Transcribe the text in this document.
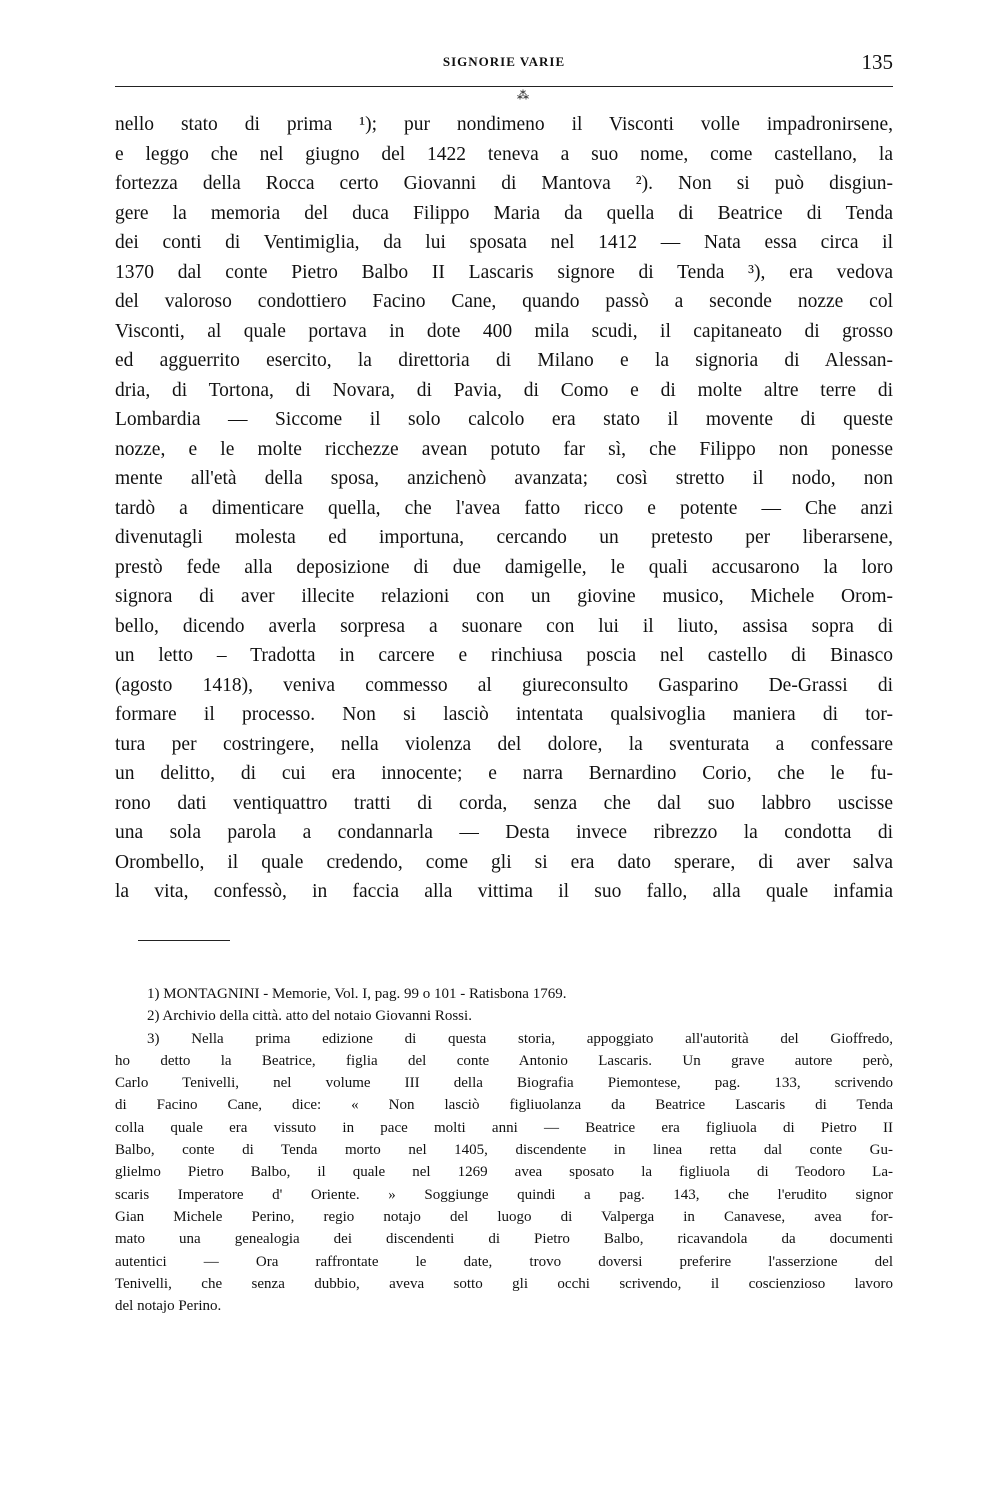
SIGNORIE VARIE	135
⁂
nello stato di prima ¹); pur nondimeno il Visconti volle impadronirsene,
e leggo che nel giugno del 1422 teneva a suo nome, come castellano, la
fortezza della Rocca certo Giovanni di Mantova ²). Non si può disgiun-
gere la memoria del duca Filippo Maria da quella di Beatrice di Tenda
dei conti di Ventimiglia, da lui sposata nel 1412 — Nata essa circa il
1370 dal conte Pietro Balbo II Lascaris signore di Tenda ³), era vedova
del valoroso condottiero Facino Cane, quando passò a seconde nozze col
Visconti, al quale portava in dote 400 mila scudi, il capitaneato di grosso
ed agguerrito esercito, la direttoria di Milano e la signoria di Alessan-
dria, di Tortona, di Novara, di Pavia, di Como e di molte altre terre di
Lombardia — Siccome il solo calcolo era stato il movente di queste
nozze, e le molte ricchezze avean potuto far sì, che Filippo non ponesse
mente all'età della sposa, anzichenò avanzata; così stretto il nodo, non
tardò a dimenticare quella, che l'avea fatto ricco e potente — Che anzi
divenutagli molesta ed importuna, cercando un pretesto per liberarsene,
prestò fede alla deposizione di due damigelle, le quali accusarono la loro
signora di aver illecite relazioni con un giovine musico, Michele Orom-
bello, dicendo averla sorpresa a suonare con lui il liuto, assisa sopra di
un letto – Tradotta in carcere e rinchiusa poscia nel castello di Binasco
(agosto 1418), veniva commesso al giureconsulto Gasparino De-Grassi di
formare il processo. Non si lasciò intentata qualsivoglia maniera di tor-
tura per costringere, nella violenza del dolore, la sventurata a confessare
un delitto, di cui era innocente; e narra Bernardino Corio, che le fu-
rono dati ventiquattro tratti di corda, senza che dal suo labbro uscisse
una sola parola a condannarla — Desta invece ribrezzo la condotta di
Orombello, il quale credendo, come gli si era dato sperare, di aver salva
la vita, confessò, in faccia alla vittima il suo fallo, alla quale infamia
1) MONTAGNINI - Memorie, Vol. I, pag. 99 o 101 - Ratisbona 1769.
2) Archivio della città. atto del notaio Giovanni Rossi.
3) Nella prima edizione di questa storia, appoggiato all'autorità del Gioffredo,
ho detto la Beatrice, figlia del conte Antonio Lascaris. Un grave autore però,
Carlo Tenivelli, nel volume III della Biografia Piemontese, pag. 133, scrivendo
di Facino Cane, dice: « Non lasciò figliuolanza da Beatrice Lascaris di Tenda
colla quale era vissuto in pace molti anni — Beatrice era figliuola di Pietro II
Balbo, conte di Tenda morto nel 1405, discendente in linea retta dal conte Gu-
glielmo Pietro Balbo, il quale nel 1269 avea sposato la figliuola di Teodoro La-
scaris Imperatore d' Oriente. » Soggiunge quindi a pag. 143, che l'erudito signor
Gian Michele Perino, regio notajo del luogo di Valperga in Canavese, avea for-
mato una genealogia dei discendenti di Pietro Balbo, ricavandola da documenti
autentici — Ora raffrontate le date, trovo doversi preferire l'asserzione del
Tenivelli, che senza dubbio, aveva sotto gli occhi scrivendo, il coscienzioso lavoro
del notajo Perino.
